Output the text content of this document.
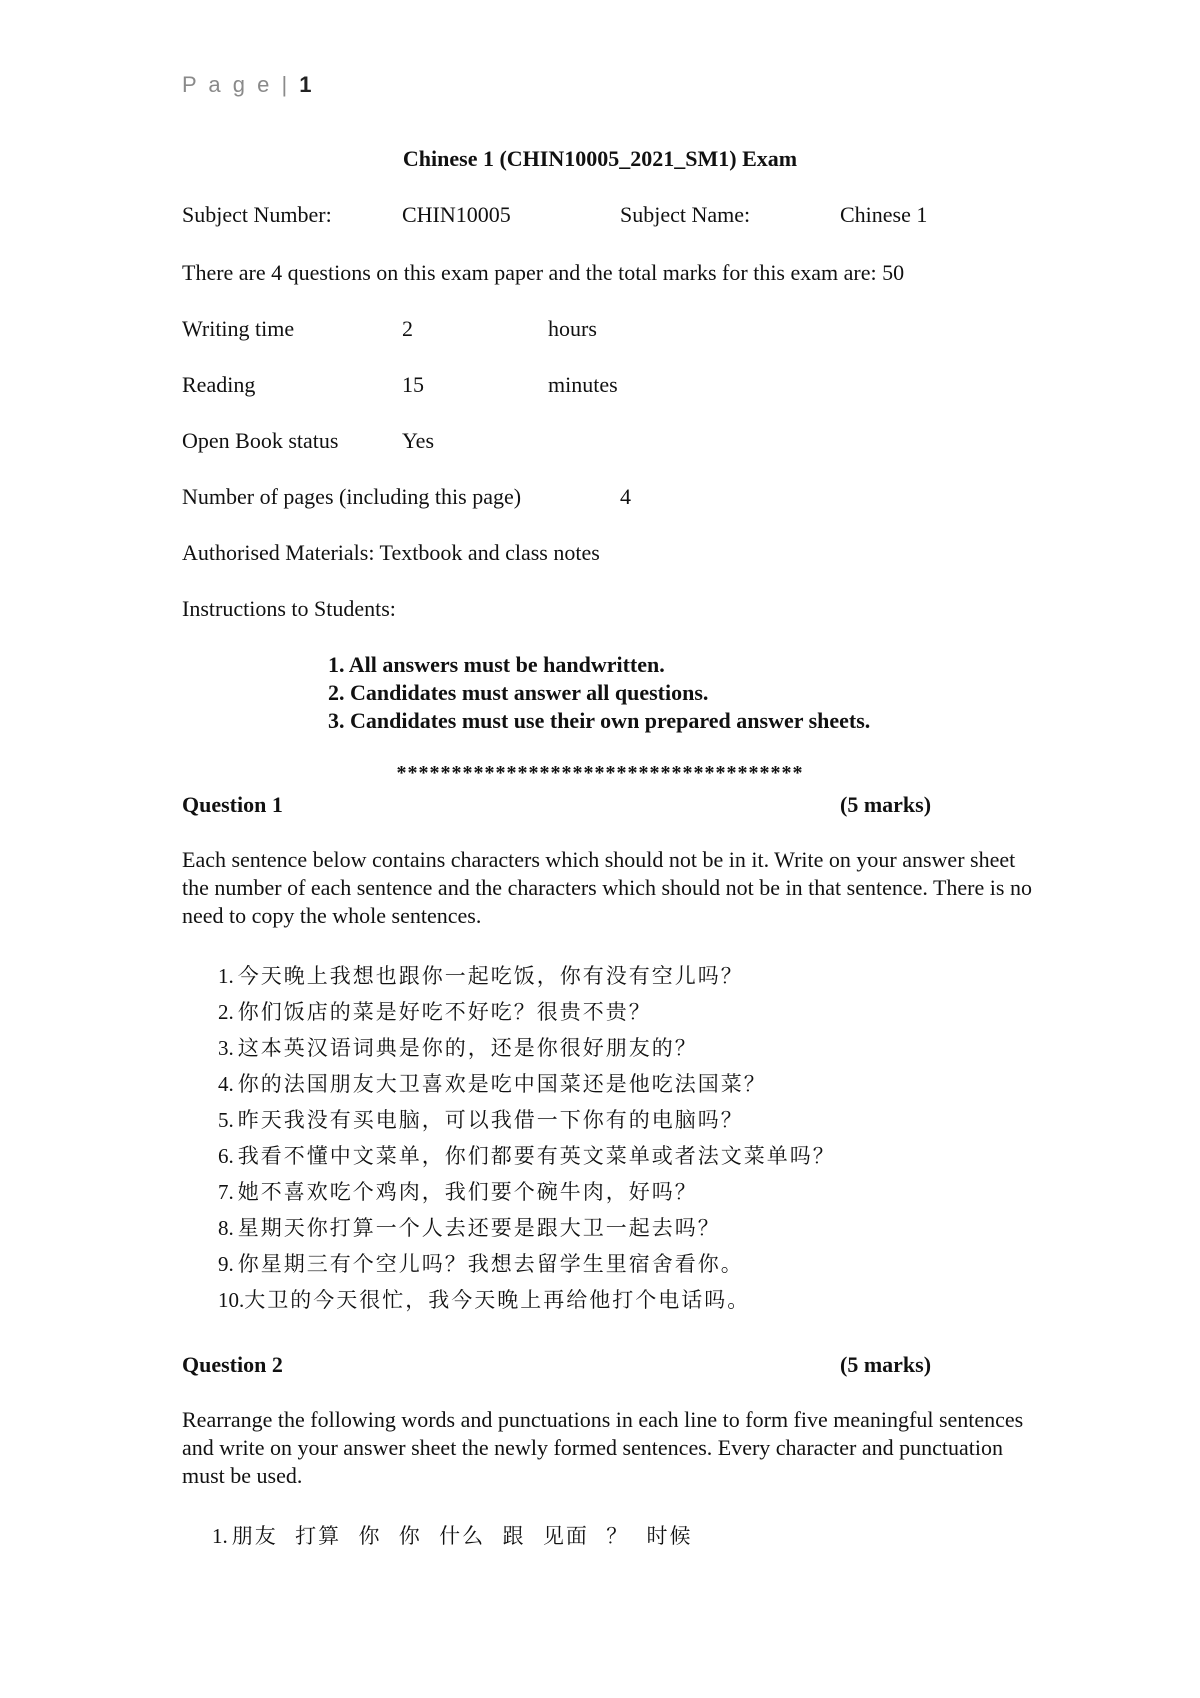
P a g e | 1
Chinese 1 (CHIN10005_2021_SM1) Exam
Subject Number:	CHIN10005	Subject Name:	Chinese 1
There are 4 questions on this exam paper and the total marks for this exam are: 50
Writing time	2	hours
Reading	15	minutes
Open Book status	Yes
Number of pages (including this page)	4
Authorised Materials: Textbook and class notes
Instructions to Students:
1. All answers must be handwritten.
2. Candidates must answer all questions.
3. Candidates must use their own prepared answer sheets.
*************************************
Question 1	(5 marks)
Each sentence below contains characters which should not be in it. Write on your answer sheet the number of each sentence and the characters which should not be in that sentence. There is no need to copy the whole sentences.
1. 今天晚上我想也跟你一起吃饭，你有没有空儿吗？
2. 你们饭店的菜是好吃不好吃？很贵不贵？
3. 这本英汉语词典是你的，还是你很好朋友的？
4. 你的法国朋友大卫喜欢是吃中国菜还是他吃法国菜？
5. 昨天我没有买电脑，可以我借一下你有的电脑吗？
6. 我看不懂中文菜单，你们都要有英文菜单或者法文菜单吗？
7. 她不喜欢吃个鸡肉，我们要个碗牛肉，好吗？
8. 星期天你打算一个人去还要是跟大卫一起去吗？
9. 你星期三有个空儿吗？我想去留学生里宿舍看你。
10.大卫的今天很忙，我今天晚上再给他打个电话吗。
Question 2	(5 marks)
Rearrange the following words and punctuations in each line to form five meaningful sentences and write on your answer sheet the newly formed sentences. Every character and punctuation must be used.
1. 朋友  打算  你  你  什么  跟  见面  ？  时候
